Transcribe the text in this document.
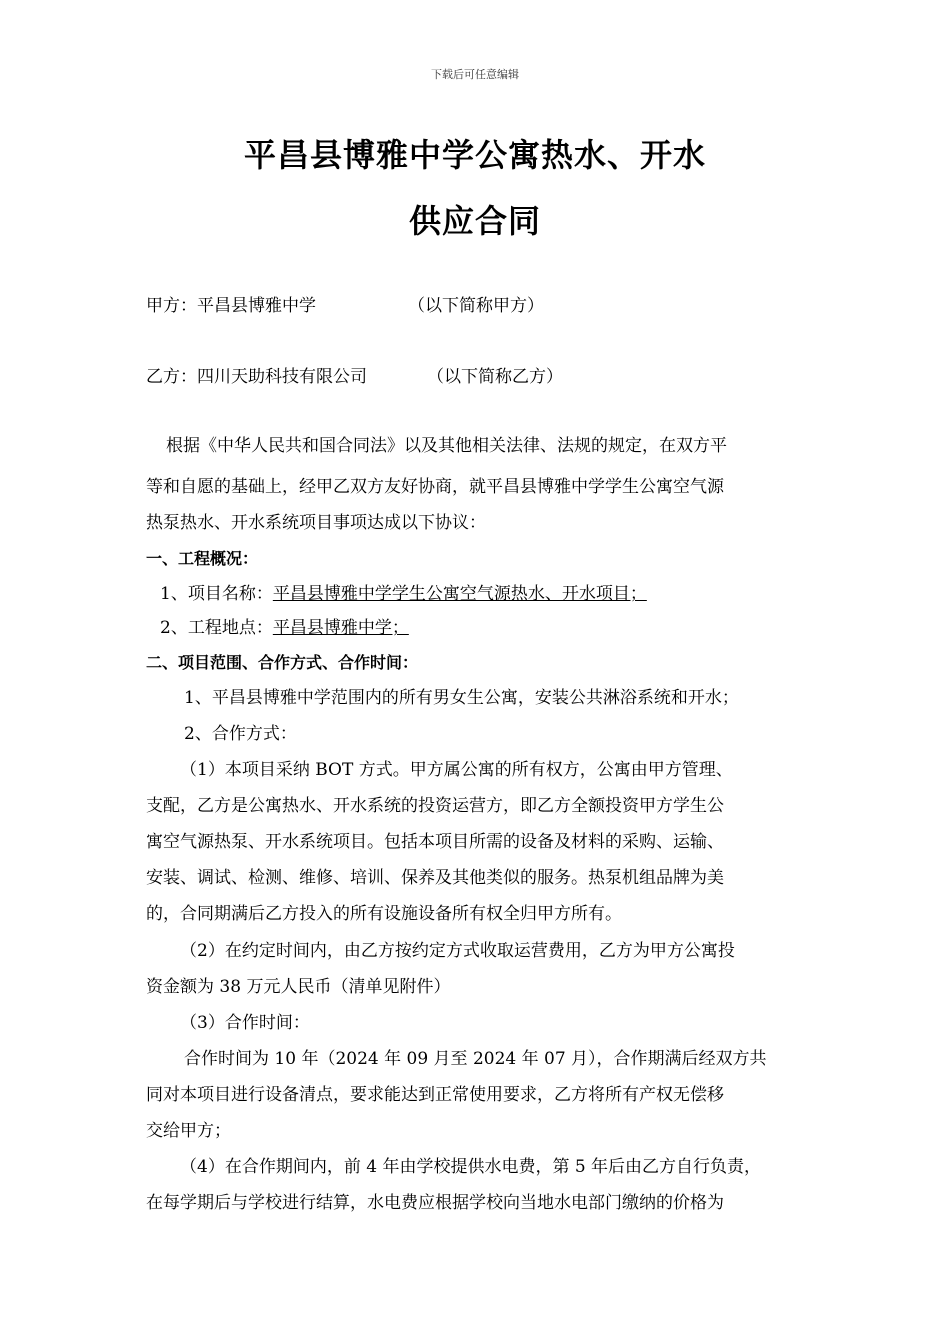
下载后可任意编辑
平昌县博雅中学公寓热水、开水
供应合同
甲方：平昌县博雅中学	（以下简称甲方）
乙方：四川天助科技有限公司	（以下简称乙方）
根据《中华人民共和国合同法》以及其他相关法律、法规的规定，在双方平
等和自愿的基础上，经甲乙双方友好协商，就平昌县博雅中学学生公寓空气源
热泵热水、开水系统项目事项达成以下协议：
一、工程概况：
1、项目名称：平昌县博雅中学学生公寓空气源热水、开水项目；
2、工程地点：平昌县博雅中学；
二、项目范围、合作方式、合作时间：
1、平昌县博雅中学范围内的所有男女生公寓，安装公共淋浴系统和开水；
2、合作方式：
（1）本项目采纳 BOT 方式。甲方属公寓的所有权方，公寓由甲方管理、
支配，乙方是公寓热水、开水系统的投资运营方，即乙方全额投资甲方学生公
寓空气源热泵、开水系统项目。包括本项目所需的设备及材料的采购、运输、
安装、调试、检测、维修、培训、保养及其他类似的服务。热泵机组品牌为美
的，合同期满后乙方投入的所有设施设备所有权全归甲方所有。
（2）在约定时间内，由乙方按约定方式收取运营费用，乙方为甲方公寓投
资金额为 38 万元人民币（清单见附件）
（3）合作时间：
合作时间为 10 年（2024 年 09 月至 2024 年 07 月），合作期满后经双方共
同对本项目进行设备清点，要求能达到正常使用要求，乙方将所有产权无偿移
交给甲方；
（4）在合作期间内，前 4 年由学校提供水电费，第 5 年后由乙方自行负责，
在每学期后与学校进行结算，水电费应根据学校向当地水电部门缴纳的价格为
